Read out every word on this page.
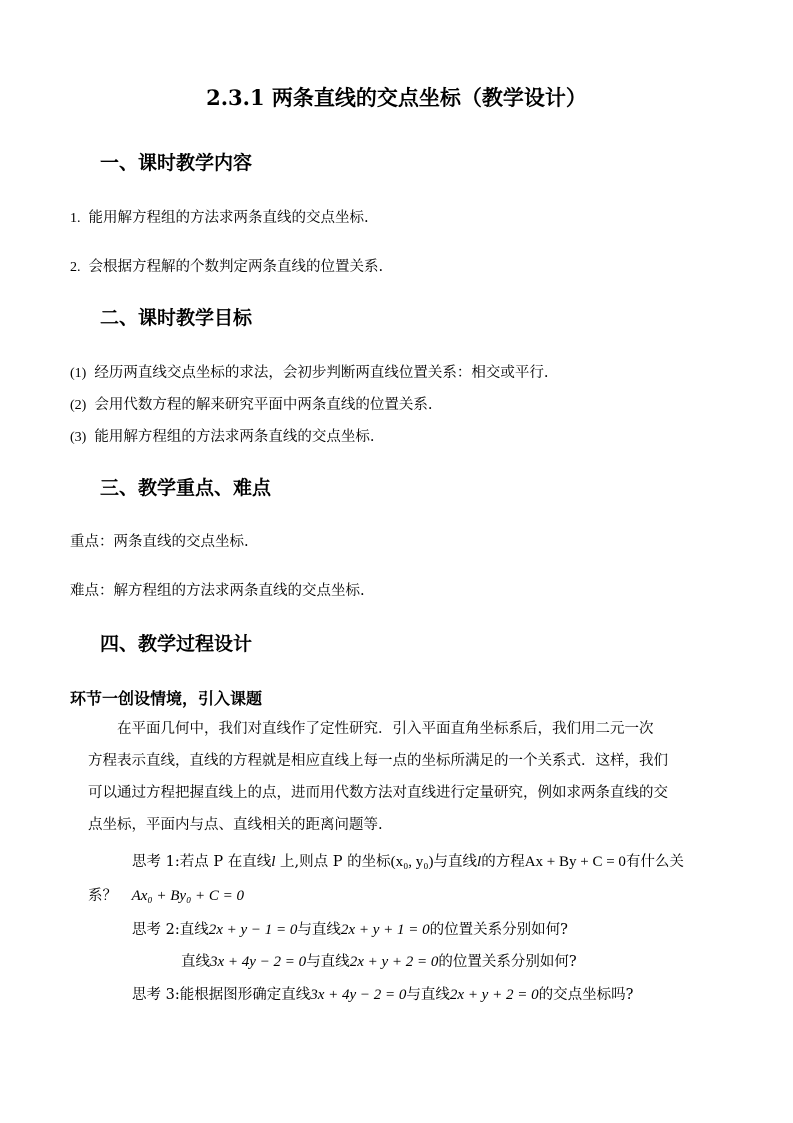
2.3.1 两条直线的交点坐标（教学设计）
一、课时教学内容
1. 能用解方程组的方法求两条直线的交点坐标.
2. 会根据方程解的个数判定两条直线的位置关系.
二、课时教学目标
(1) 经历两直线交点坐标的求法，会初步判断两直线位置关系：相交或平行.
(2) 会用代数方程的解来研究平面中两条直线的位置关系.
(3) 能用解方程组的方法求两条直线的交点坐标.
三、教学重点、难点
重点：两条直线的交点坐标.
难点：解方程组的方法求两条直线的交点坐标.
四、教学过程设计
环节一创设情境，引入课题
　　在平面几何中，我们对直线作了定性研究．引入平面直角坐标系后，我们用二元一次
方程表示直线，直线的方程就是相应直线上每一点的坐标所满足的一个关系式．这样，我们
可以通过方程把握直线上的点，进而用代数方法对直线进行定量研究，例如求两条直线的交
点坐标，平面内与点、直线相关的距离问题等.
思考 1:若点 P 在直线l 上,则点 P 的坐标(x₀, y₀)与直线l的方程Ax + By + C = 0有什么关
系？ Ax₀ + By₀ + C = 0
思考 2:直线2x + y − 1 = 0与直线2x + y + 1 = 0的位置关系分别如何?
直线3x + 4y − 2 = 0与直线2x + y + 2 = 0的位置关系分别如何?
思考 3:能根据图形确定直线3x + 4y − 2 = 0与直线2x + y + 2 = 0的交点坐标吗?
